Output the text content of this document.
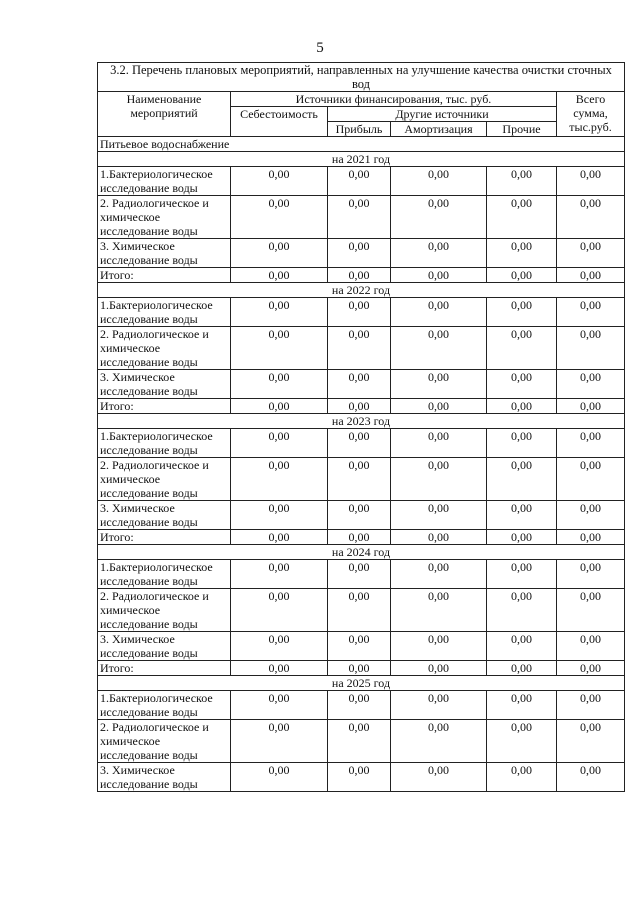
5
3.2. Перечень плановых мероприятий, направленных на улучшение качества очистки сточных вод					
Наименование мероприятий	Источники финансирования, тыс. руб.				Всего сумма, тыс.руб.
	Себестоимость	Другие источники			
		Прибыль	Амортизация	Прочие	
Питьевое водоснабжение					
на 2021 год					
1.Бактериологическое исследование воды	0,00	0,00	0,00	0,00	0,00
2. Радиологическое и химическое исследование воды	0,00	0,00	0,00	0,00	0,00
3. Химическое исследование воды	0,00	0,00	0,00	0,00	0,00
Итого:	0,00	0,00	0,00	0,00	0,00
на 2022 год					
1.Бактериологическое исследование воды	0,00	0,00	0,00	0,00	0,00
2. Радиологическое и химическое исследование воды	0,00	0,00	0,00	0,00	0,00
3. Химическое исследование воды	0,00	0,00	0,00	0,00	0,00
Итого:	0,00	0,00	0,00	0,00	0,00
на 2023 год					
1.Бактериологическое исследование воды	0,00	0,00	0,00	0,00	0,00
2. Радиологическое и химическое исследование воды	0,00	0,00	0,00	0,00	0,00
3. Химическое исследование воды	0,00	0,00	0,00	0,00	0,00
Итого:	0,00	0,00	0,00	0,00	0,00
на 2024 год					
1.Бактериологическое исследование воды	0,00	0,00	0,00	0,00	0,00
2. Радиологическое и химическое исследование воды	0,00	0,00	0,00	0,00	0,00
3. Химическое исследование воды	0,00	0,00	0,00	0,00	0,00
Итого:	0,00	0,00	0,00	0,00	0,00
на 2025 год					
1.Бактериологическое исследование воды	0,00	0,00	0,00	0,00	0,00
2. Радиологическое и химическое исследование воды	0,00	0,00	0,00	0,00	0,00
3. Химическое исследование воды	0,00	0,00	0,00	0,00	0,00
